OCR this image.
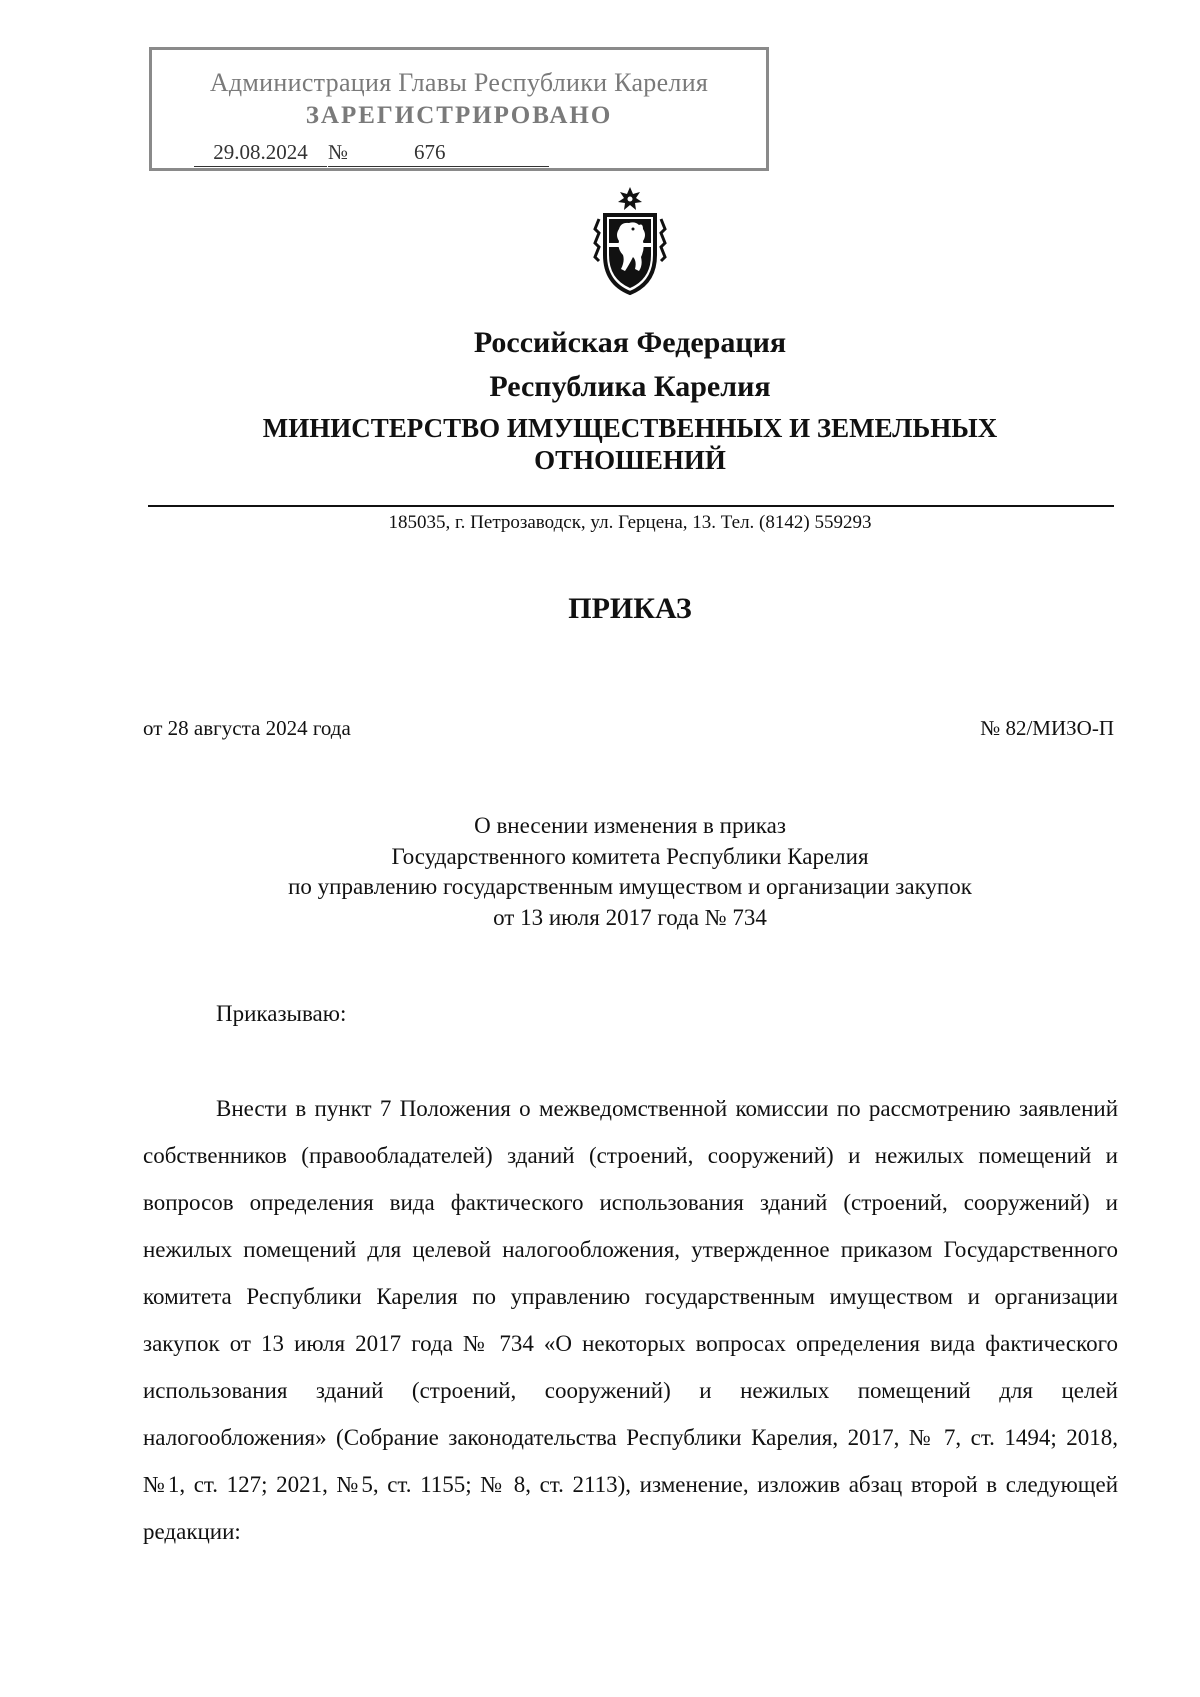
Администрация Главы Республики Карелия
ЗАРЕГИСТРИРОВАНО
29.08.2024 №	676
Российская Федерация
Республика Карелия
МИНИСТЕРСТВО ИМУЩЕСТВЕННЫХ И ЗЕМЕЛЬНЫХ
ОТНОШЕНИЙ
185035, г. Петрозаводск, ул. Герцена, 13. Тел. (8142) 559293
ПРИКАЗ
от 28 августа 2024 года	№ 82/МИЗО-П
О внесении изменения в приказ
Государственного комитета Республики Карелия
по управлению государственным имуществом и организации закупок
от 13 июля 2017 года № 734
Приказываю:

Внести в пункт 7 Положения о межведомственной комиссии по рассмотрению заявлений собственников (правообладателей) зданий (строений, сооружений) и нежилых помещений и вопросов определения вида фактического использования зданий (строений, сооружений) и нежилых помещений для целевой налогообложения, утвержденное приказом Государственного комитета Республики Карелия по управлению государственным имуществом и организации закупок от 13 июля 2017 года № 734 «О некоторых вопросах определения вида фактического использования зданий (строений, сооружений) и нежилых помещений для целей налогообложения» (Собрание законодательства Республики Карелия, 2017, № 7, ст. 1494; 2018, №1, ст. 127; 2021, №5, ст. 1155; № 8, ст. 2113), изменение, изложив абзац второй в следующей редакции:
